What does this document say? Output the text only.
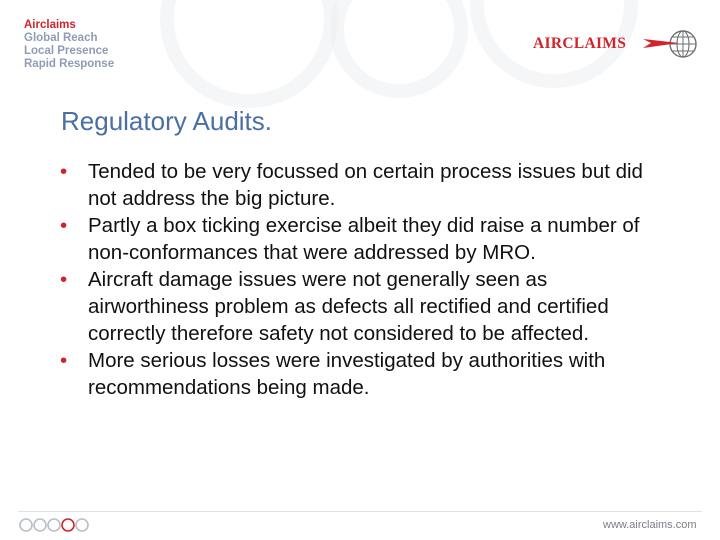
Airclaims
Global Reach
Local Presence
Rapid Response
AIRCLAIMS
Regulatory Audits.
• Tended to be very focussed on certain process issues but did not address the big picture.
• Partly a box ticking exercise albeit they did raise a number of non-conformances that were addressed by MRO.
• Aircraft damage issues were not generally seen as airworthiness problem as defects all rectified and certified correctly therefore safety not considered to be affected.
• More serious losses were investigated by authorities with recommendations being made.
www.airclaims.com
